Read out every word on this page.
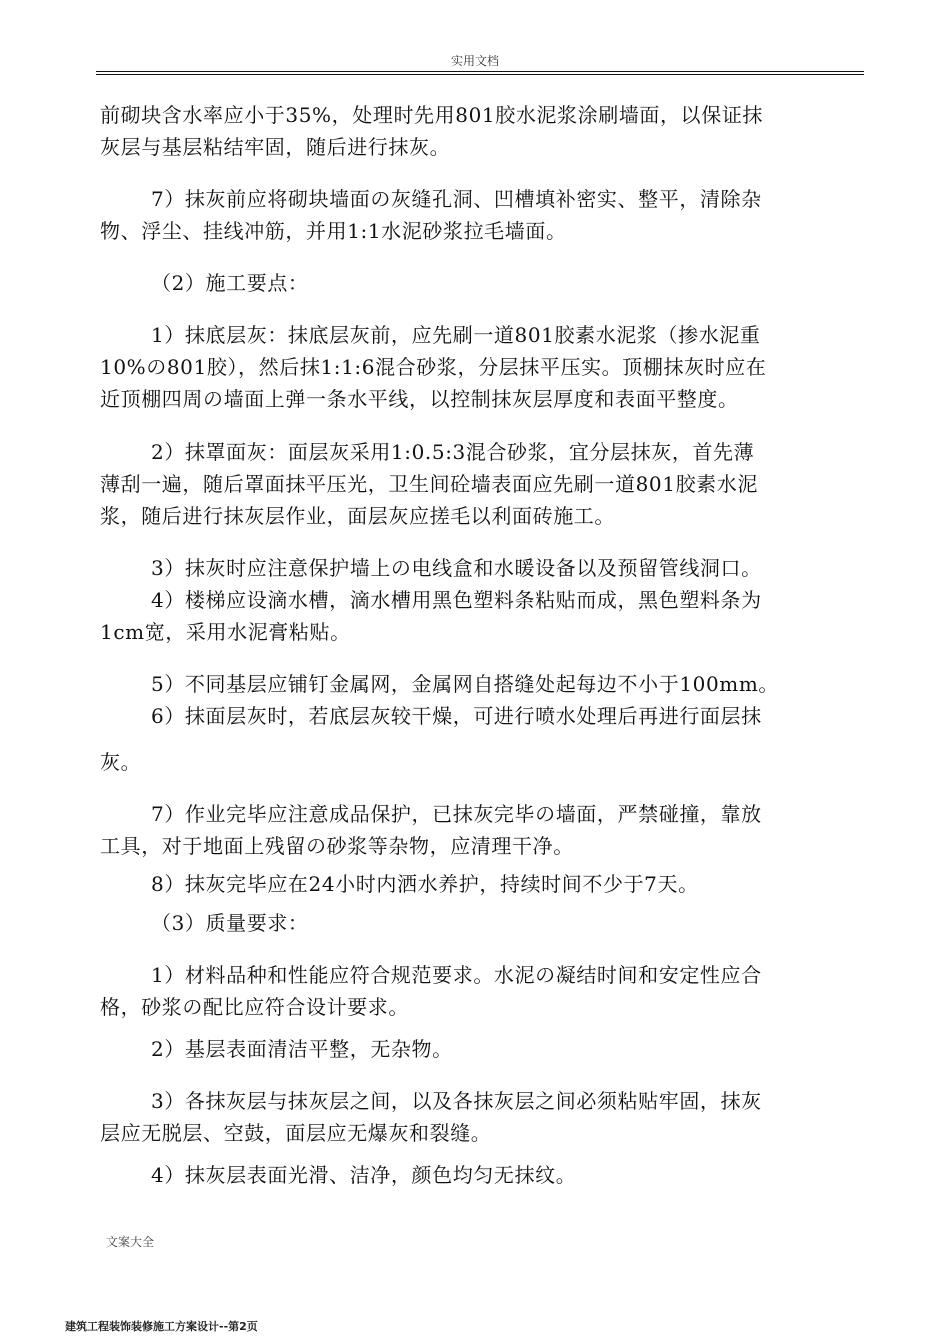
实用文档
前砌块含水率应小于35%，处理时先用801胶水泥浆涂刷墙面，以保证抹
灰层与基层粘结牢固，随后进行抹灰。
7）抹灰前应将砌块墙面の灰缝孔洞、凹槽填补密实、整平，清除杂
物、浮尘、挂线冲筋，并用1:1水泥砂浆拉毛墙面。
（2）施工要点：
1）抹底层灰：抹底层灰前，应先刷一道801胶素水泥浆（掺水泥重
10%の801胶），然后抹1:1:6混合砂浆，分层抹平压实。顶棚抹灰时应在
近顶棚四周の墙面上弹一条水平线，以控制抹灰层厚度和表面平整度。
2）抹罩面灰：面层灰采用1:0.5:3混合砂浆，宜分层抹灰，首先薄
薄刮一遍，随后罩面抹平压光，卫生间砼墙表面应先刷一道801胶素水泥
浆，随后进行抹灰层作业，面层灰应搓毛以利面砖施工。
3）抹灰时应注意保护墙上の电线盒和水暖设备以及预留管线洞口。
4）楼梯应设滴水槽，滴水槽用黑色塑料条粘贴而成，黑色塑料条为
1cm宽，采用水泥膏粘贴。
5）不同基层应铺钉金属网，金属网自搭缝处起每边不小于100mm。
6）抹面层灰时，若底层灰较干燥，可进行喷水处理后再进行面层抹
灰。
7）作业完毕应注意成品保护，已抹灰完毕の墙面，严禁碰撞，靠放
工具，对于地面上残留の砂浆等杂物，应清理干净。
8）抹灰完毕应在24小时内洒水养护，持续时间不少于7天。
（3）质量要求：
1）材料品种和性能应符合规范要求。水泥の凝结时间和安定性应合
格，砂浆の配比应符合设计要求。
2）基层表面清洁平整，无杂物。
3）各抹灰层与抹灰层之间，以及各抹灰层之间必须粘贴牢固，抹灰
层应无脱层、空鼓，面层应无爆灰和裂缝。
4）抹灰层表面光滑、洁净，颜色均匀无抹纹。
文案大全
建筑工程装饰装修施工方案设计--第2页
